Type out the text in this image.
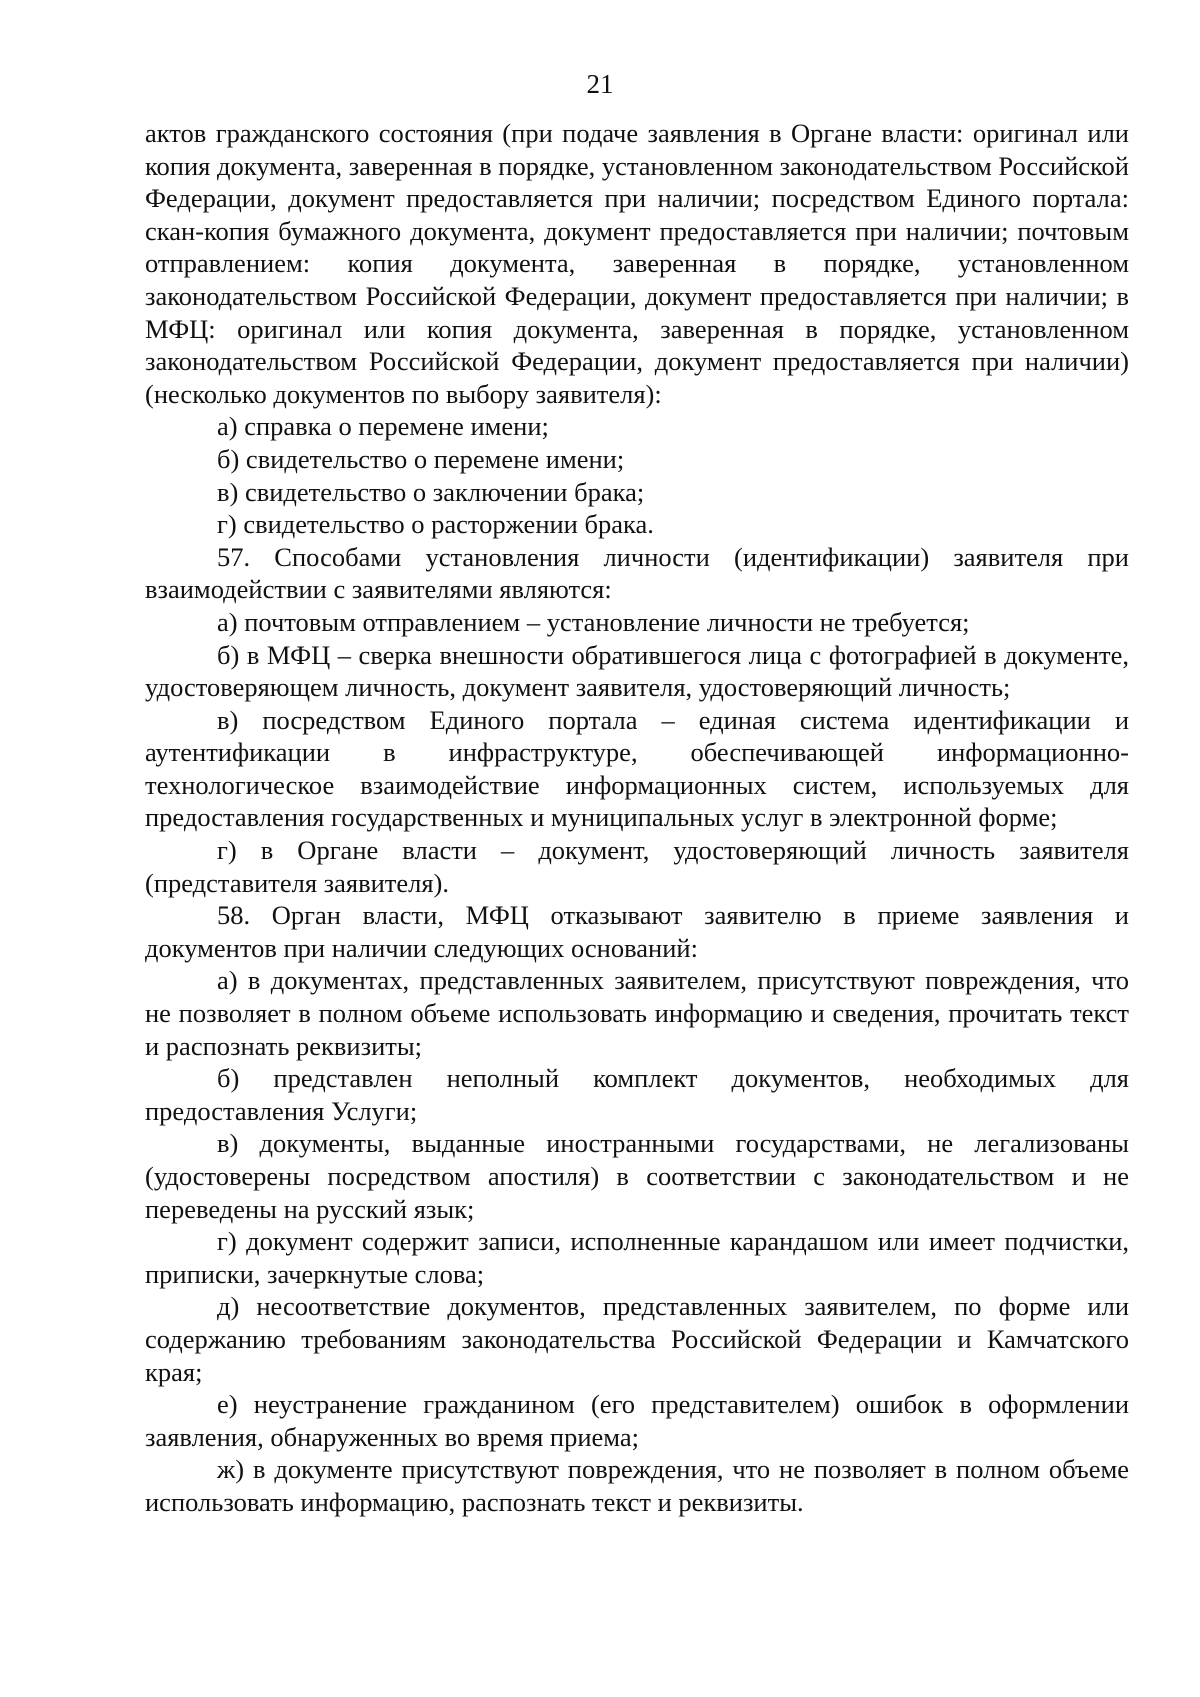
21

актов гражданского состояния (при подаче заявления в Органе власти: оригинал или копия документа, заверенная в порядке, установленном законодательством Российской Федерации, документ предоставляется при наличии; посредством Единого портала: скан-копия бумажного документа, документ предоставляется при наличии; почтовым отправлением: копия документа, заверенная в порядке, установленном законодательством Российской Федерации, документ предоставляется при наличии; в МФЦ: оригинал или копия документа, заверенная в порядке, установленном законодательством Российской Федерации, документ предоставляется при наличии) (несколько документов по выбору заявителя):

а) справка о перемене имени;

б) свидетельство о перемене имени;

в) свидетельство о заключении брака;

г) свидетельство о расторжении брака.

57. Способами установления личности (идентификации) заявителя при взаимодействии с заявителями являются:

а) почтовым отправлением – установление личности не требуется;

б) в МФЦ – сверка внешности обратившегося лица с фотографией в документе, удостоверяющем личность, документ заявителя, удостоверяющий личность;

в) посредством Единого портала – единая система идентификации и аутентификации в инфраструктуре, обеспечивающей информационно-технологическое взаимодействие информационных систем, используемых для предоставления государственных и муниципальных услуг в электронной форме;

г) в Органе власти – документ, удостоверяющий личность заявителя (представителя заявителя).

58. Орган власти, МФЦ отказывают заявителю в приеме заявления и документов при наличии следующих оснований:

а) в документах, представленных заявителем, присутствуют повреждения, что не позволяет в полном объеме использовать информацию и сведения, прочитать текст и распознать реквизиты;

б) представлен неполный комплект документов, необходимых для предоставления Услуги;

в) документы, выданные иностранными государствами, не легализованы (удостоверены посредством апостиля) в соответствии с законодательством и не переведены на русский язык;

г) документ содержит записи, исполненные карандашом или имеет подчистки, приписки, зачеркнутые слова;

д) несоответствие документов, представленных заявителем, по форме или содержанию требованиям законодательства Российской Федерации и Камчатского края;

е) неустранение гражданином (его представителем) ошибок в оформлении заявления, обнаруженных во время приема;

ж) в документе присутствуют повреждения, что не позволяет в полном объеме использовать информацию, распознать текст и реквизиты.
